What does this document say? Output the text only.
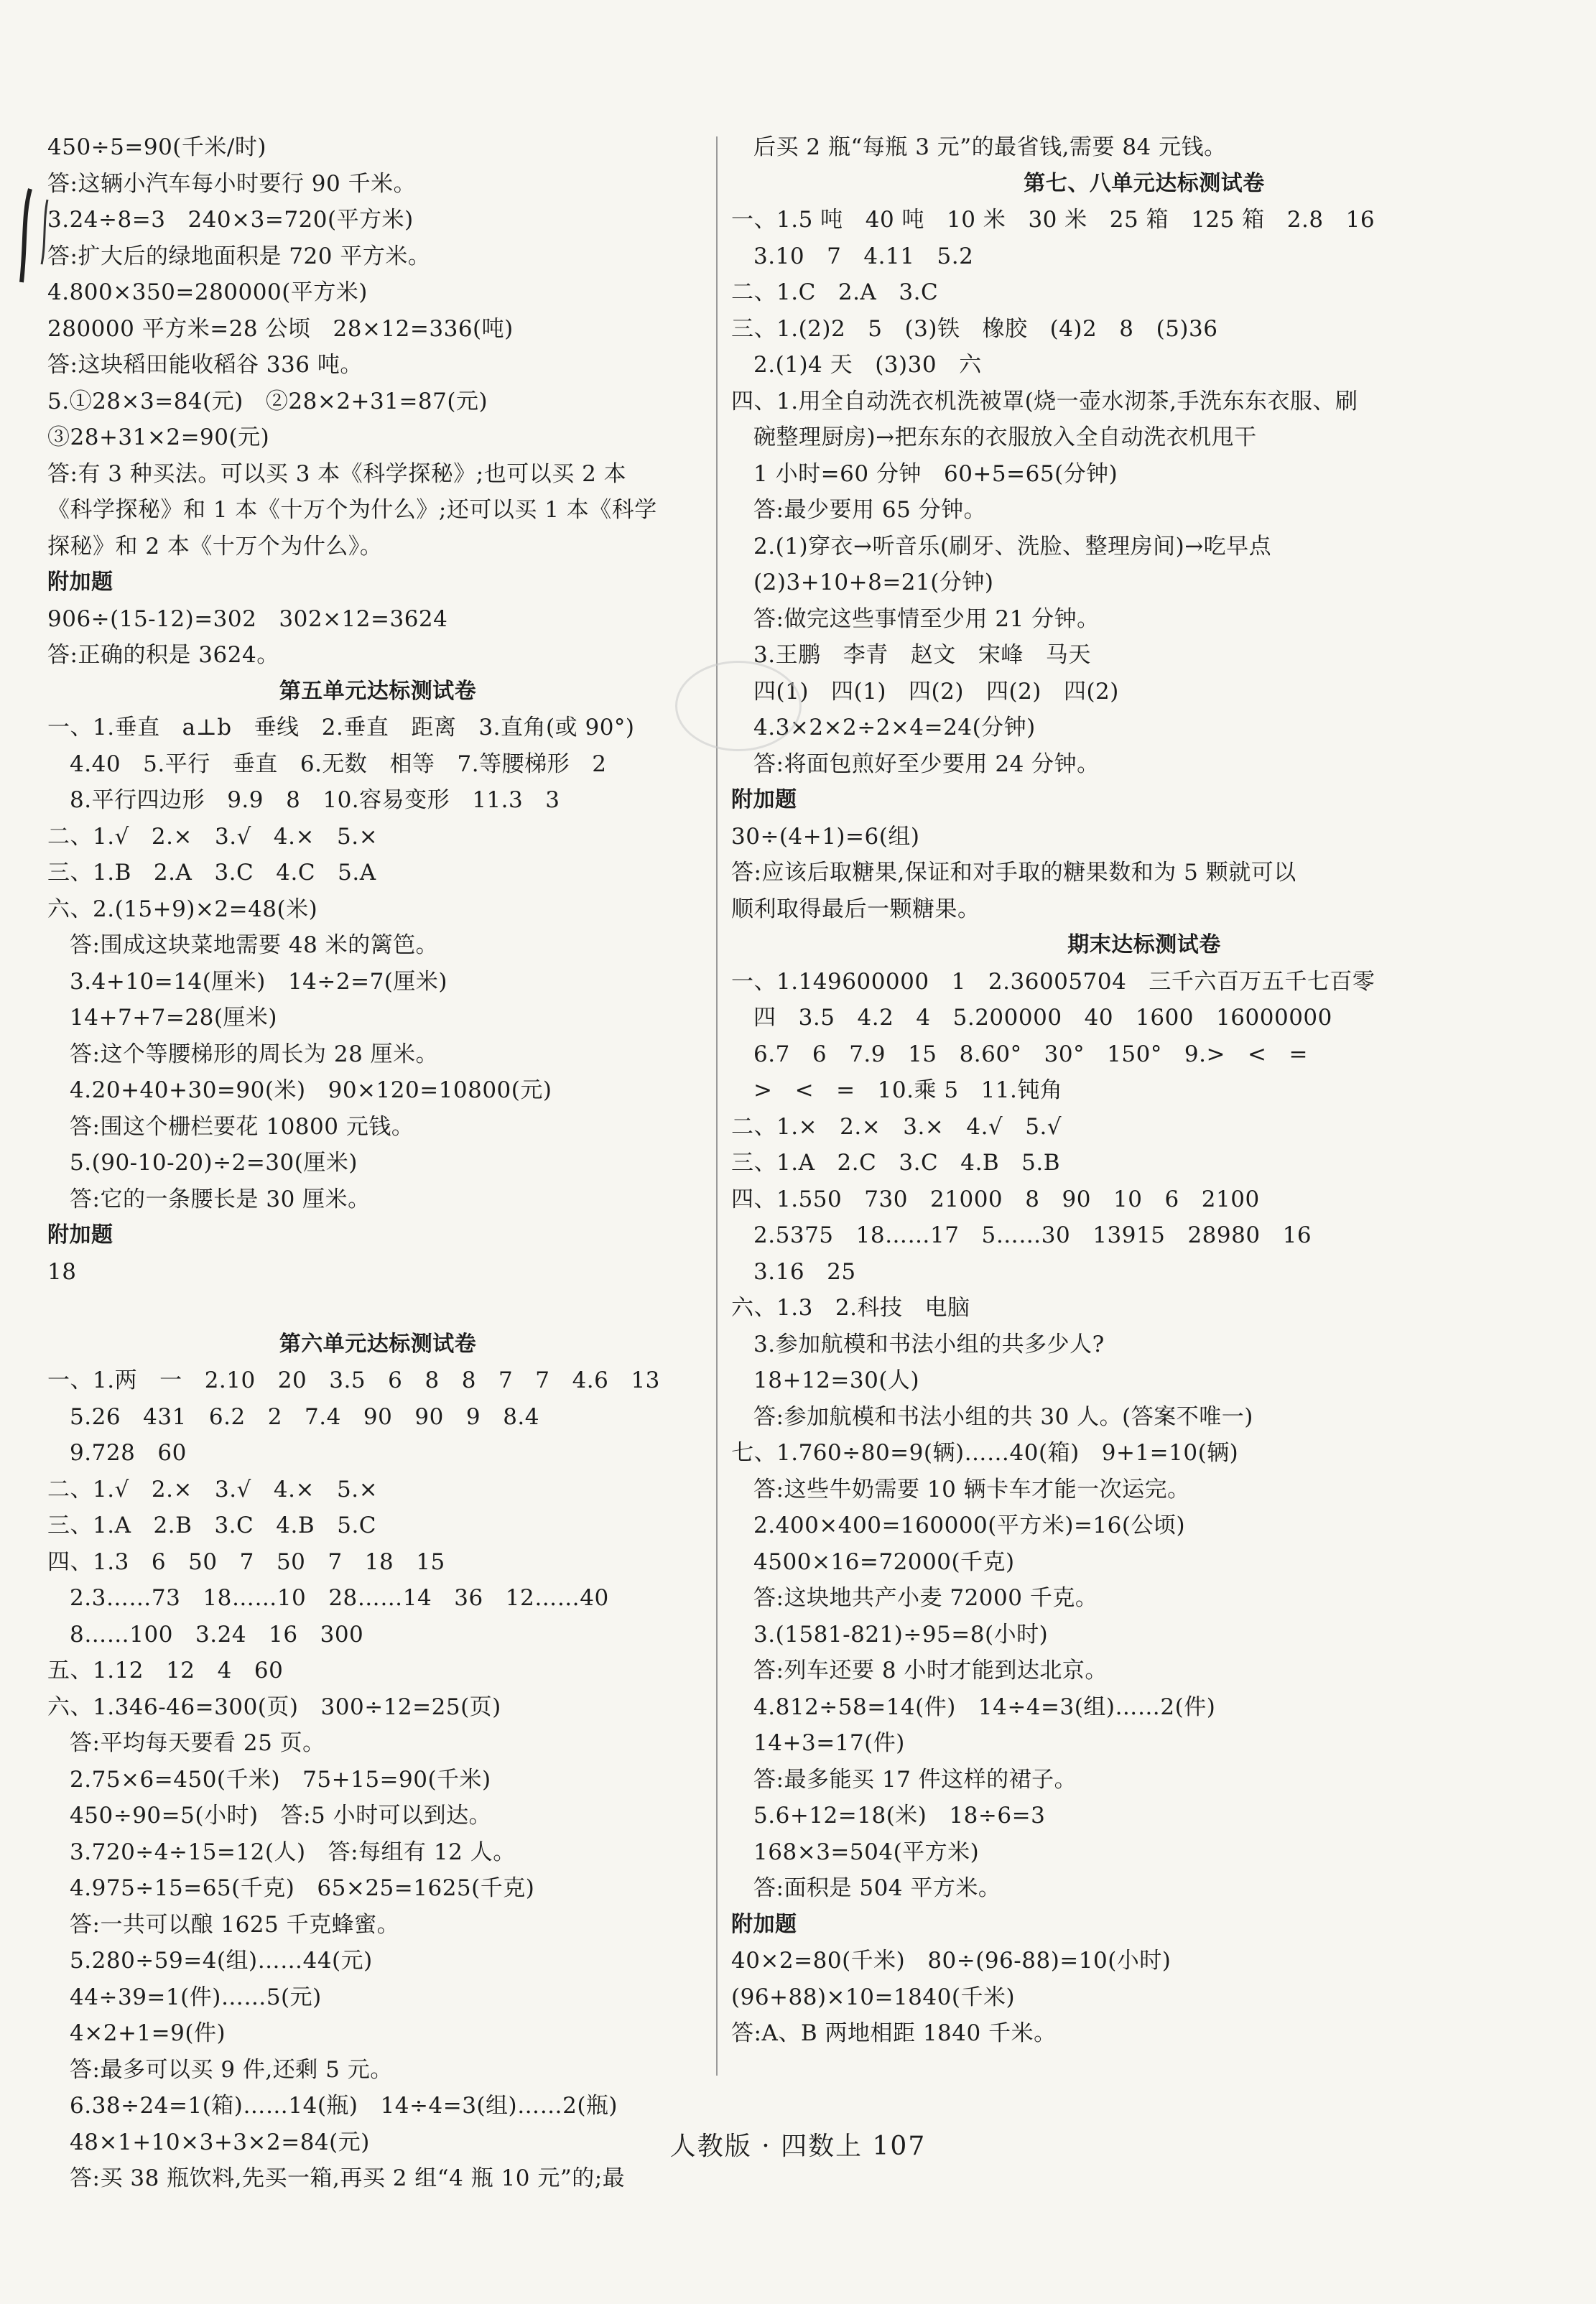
450÷5=90(千米/时)
答:这辆小汽车每小时要行 90 千米。
3.24÷8=3   240×3=720(平方米)
答:扩大后的绿地面积是 720 平方米。
4.800×350=280000(平方米)
280000 平方米=28 公顷   28×12=336(吨)
答:这块稻田能收稻谷 336 吨。
5.①28×3=84(元)   ②28×2+31=87(元)
③28+31×2=90(元)
答:有 3 种买法。可以买 3 本《科学探秘》;也可以买 2 本
《科学探秘》和 1 本《十万个为什么》;还可以买 1 本《科学
探秘》和 2 本《十万个为什么》。
附加题
906÷(15-12)=302   302×12=3624
答:正确的积是 3624。
第五单元达标测试卷
一、1.垂直   a⊥b   垂线   2.垂直   距离   3.直角(或 90°)
4.40   5.平行   垂直   6.无数   相等   7.等腰梯形   2
8.平行四边形   9.9   8   10.容易变形   11.3   3
二、1.√   2.×   3.√   4.×   5.×
三、1.B   2.A   3.C   4.C   5.A
六、2.(15+9)×2=48(米)
答:围成这块菜地需要 48 米的篱笆。
3.4+10=14(厘米)   14÷2=7(厘米)
14+7+7=28(厘米)
答:这个等腰梯形的周长为 28 厘米。
4.20+40+30=90(米)   90×120=10800(元)
答:围这个栅栏要花 10800 元钱。
5.(90-10-20)÷2=30(厘米)
答:它的一条腰长是 30 厘米。
附加题
18
第六单元达标测试卷
一、1.两   一   2.10   20   3.5   6   8   8   7   7   4.6   13
5.26   431   6.2   2   7.4   90   90   9   8.4
9.728   60
二、1.√   2.×   3.√   4.×   5.×
三、1.A   2.B   3.C   4.B   5.C
四、1.3   6   50   7   50   7   18   15
2.3……73   18……10   28……14   36   12……40
8……100   3.24   16   300
五、1.12   12   4   60
六、1.346-46=300(页)   300÷12=25(页)
答:平均每天要看 25 页。
2.75×6=450(千米)   75+15=90(千米)
450÷90=5(小时)   答:5 小时可以到达。
3.720÷4÷15=12(人)   答:每组有 12 人。
4.975÷15=65(千克)   65×25=1625(千克)
答:一共可以酿 1625 千克蜂蜜。
5.280÷59=4(组)……44(元)
44÷39=1(件)……5(元)
4×2+1=9(件)
答:最多可以买 9 件,还剩 5 元。
6.38÷24=1(箱)……14(瓶)   14÷4=3(组)……2(瓶)
48×1+10×3+3×2=84(元)
答:买 38 瓶饮料,先买一箱,再买 2 组“4 瓶 10 元”的;最
后买 2 瓶“每瓶 3 元”的最省钱,需要 84 元钱。
第七、八单元达标测试卷
一、1.5 吨   40 吨   10 米   30 米   25 箱   125 箱   2.8   16
3.10   7   4.11   5.2
二、1.C   2.A   3.C
三、1.(2)2   5   (3)铁   橡胶   (4)2   8   (5)36
2.(1)4 天   (3)30   六
四、1.用全自动洗衣机洗被罩(烧一壶水沏茶,手洗东东衣服、刷
碗整理厨房)→把东东的衣服放入全自动洗衣机甩干
1 小时=60 分钟   60+5=65(分钟)
答:最少要用 65 分钟。
2.(1)穿衣→听音乐(刷牙、洗脸、整理房间)→吃早点
(2)3+10+8=21(分钟)
答:做完这些事情至少用 21 分钟。
3.王鹏   李青   赵文   宋峰   马天
四(1)   四(1)   四(2)   四(2)   四(2)
4.3×2×2÷2×4=24(分钟)
答:将面包煎好至少要用 24 分钟。
附加题
30÷(4+1)=6(组)
答:应该后取糖果,保证和对手取的糖果数和为 5 颗就可以
顺利取得最后一颗糖果。
期末达标测试卷
一、1.149600000   1   2.36005704   三千六百万五千七百零
四   3.5   4.2   4   5.200000   40   1600   16000000
6.7   6   7.9   15   8.60°   30°   150°   9.>   <   =
>   <   =   10.乘 5   11.钝角
二、1.×   2.×   3.×   4.√   5.√
三、1.A   2.C   3.C   4.B   5.B
四、1.550   730   21000   8   90   10   6   2100
2.5375   18……17   5……30   13915   28980   16
3.16   25
六、1.3   2.科技   电脑
3.参加航模和书法小组的共多少人?
18+12=30(人)
答:参加航模和书法小组的共 30 人。(答案不唯一)
七、1.760÷80=9(辆)……40(箱)   9+1=10(辆)
答:这些牛奶需要 10 辆卡车才能一次运完。
2.400×400=160000(平方米)=16(公顷)
4500×16=72000(千克)
答:这块地共产小麦 72000 千克。
3.(1581-821)÷95=8(小时)
答:列车还要 8 小时才能到达北京。
4.812÷58=14(件)   14÷4=3(组)……2(件)
14+3=17(件)
答:最多能买 17 件这样的裙子。
5.6+12=18(米)   18÷6=3
168×3=504(平方米)
答:面积是 504 平方米。
附加题
40×2=80(千米)   80÷(96-88)=10(小时)
(96+88)×10=1840(千米)
答:A、B 两地相距 1840 千米。
人教版 · 四数上 107
